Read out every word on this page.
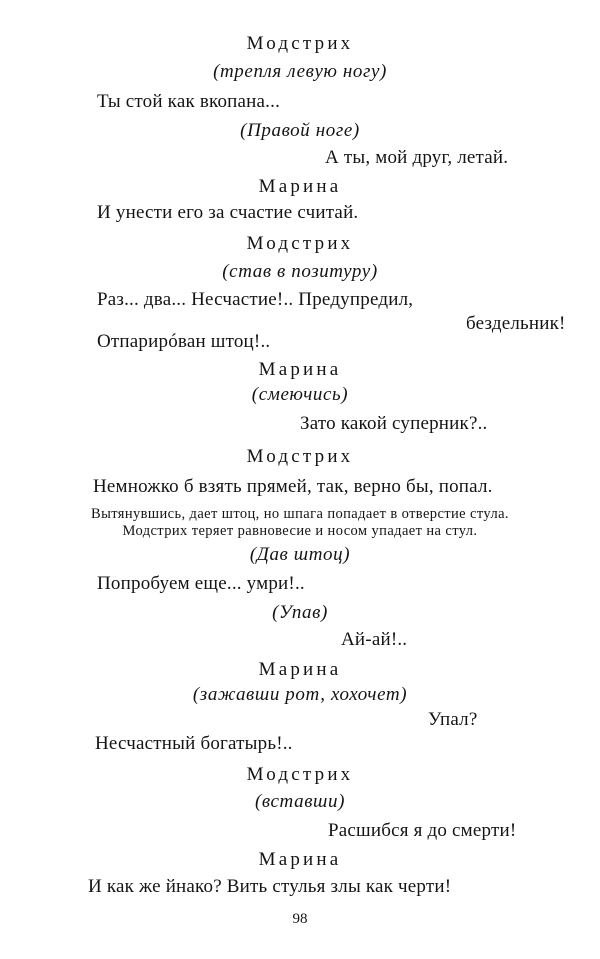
Модстрих
(трепля левую ногу)
Ты стой как вкопана...
(Правой ноге)
А ты, мой друг, летай.
Марина
И унести его за счастие считай.
Модстрих
(став в позитуру)
Раз... два... Несчастие!.. Предупредил,
бездельник!
Отпарирóван штоц!..
Марина
(смеючись)
Зато какой суперник?..
Модстрих
Немножко б взять прямей, так, верно бы, попал.
Вытянувшись, дает штоц, но шпага попадает в отверстие стула.
Модстрих теряет равновесие и носом упадает на стул.
(Дав штоц)
Попробуем еще... умри!..
(Упав)
Ай-ай!..
Марина
(зажавши рот, хохочет)
Упал?
Несчастный богатырь!..
Модстрих
(вставши)
Расшибся я до смерти!
Марина
И как же йнако? Вить стулья злы как черти!
98
